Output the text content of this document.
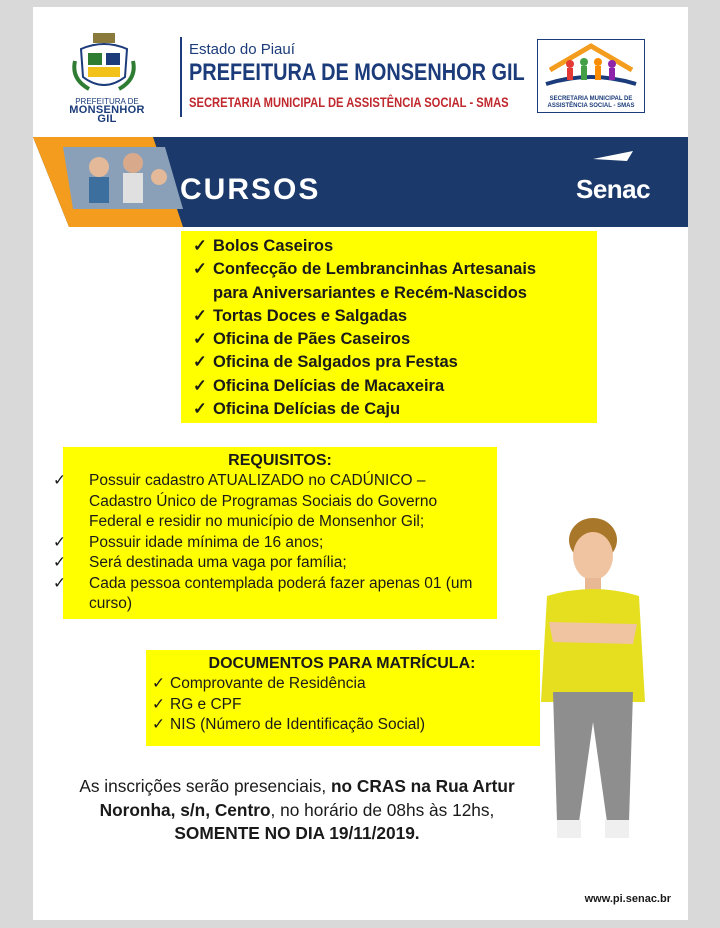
PREFEITURA DE
MONSENHOR GIL
Estado do Piauí
PREFEITURA DE MONSENHOR GIL
SECRETARIA MUNICIPAL DE ASSISTÊNCIA SOCIAL - SMAS	SECRETARIA MUNICIPAL DE ASSISTÊNCIA SOCIAL - SMAS
CURSOS	Senac
✓ Bolos Caseiros
✓ Confecção de Lembrancinhas Artesanais
para Aniversariantes e Recém-Nascidos
✓ Tortas Doces e Salgadas
✓ Oficina de Pães Caseiros
✓ Oficina de Salgados pra Festas
✓ Oficina Delícias de Macaxeira
✓ Oficina Delícias de Caju
REQUISITOS:
✓ Possuir cadastro ATUALIZADO no CADÚNICO – Cadastro Único de Programas Sociais do Governo Federal e residir no município de Monsenhor Gil;
✓ Possuir idade mínima de 16 anos;
✓ Será destinada uma vaga por família;
✓ Cada pessoa contemplada poderá fazer apenas 01 (um curso)
DOCUMENTOS PARA MATRÍCULA:
✓ Comprovante de Residência
✓ RG e CPF
✓ NIS (Número de Identificação Social)
As inscrições serão presenciais, no CRAS na Rua Artur Noronha, s/n, Centro, no horário de 08hs às 12hs, SOMENTE NO DIA 19/11/2019.
www.pi.senac.br
